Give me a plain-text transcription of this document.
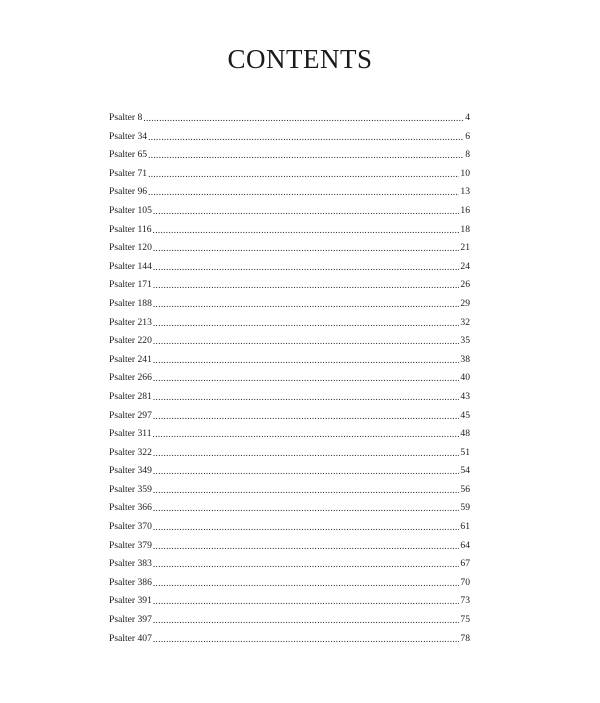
CONTENTS
Psalter 8 .....	4
Psalter 34 .....	6
Psalter 65 .....	8
Psalter 71 .....	10
Psalter 96 .....	13
Psalter 105 .....	16
Psalter 116 .....	18
Psalter 120 .....	21
Psalter 144 .....	24
Psalter 171 .....	26
Psalter 188 .....	29
Psalter 213 .....	32
Psalter 220 .....	35
Psalter 241 .....	38
Psalter 266 .....	40
Psalter 281 .....	43
Psalter 297 .....	45
Psalter 311 .....	48
Psalter 322 .....	51
Psalter 349 .....	54
Psalter 359 .....	56
Psalter 366 .....	59
Psalter 370 .....	61
Psalter 379 .....	64
Psalter 383 .....	67
Psalter 386 .....	70
Psalter 391 .....	73
Psalter 397 .....	75
Psalter 407 .....	78
